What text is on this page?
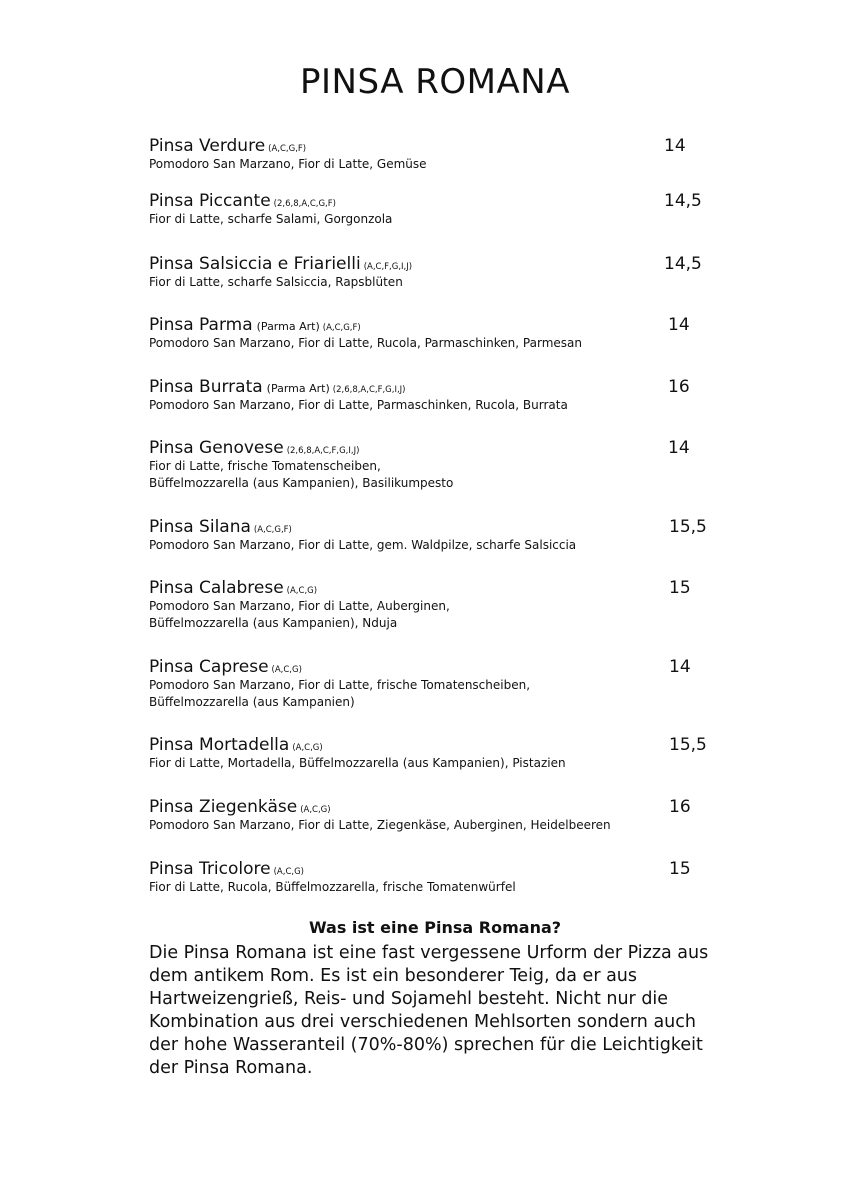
PINSA ROMANA
Pinsa Verdure (A,C,G,F)	14
Pomodoro San Marzano, Fior di Latte, Gemüse
Pinsa Piccante (2,6,8,A,C,G,F)	14,5
Fior di Latte, scharfe Salami, Gorgonzola
Pinsa Salsiccia e Friarielli (A,C,F,G,I,J)	14,5
Fior di Latte, scharfe Salsiccia, Rapsblüten
Pinsa Parma (Parma Art) (A,C,G,F)	14
Pomodoro San Marzano, Fior di Latte, Rucola, Parmaschinken, Parmesan
Pinsa Burrata (Parma Art) (2,6,8,A,C,F,G,I,J)	16
Pomodoro San Marzano, Fior di Latte, Parmaschinken, Rucola, Burrata
Pinsa Genovese (2,6,8,A,C,F,G,I,J)	14
Fior di Latte, frische Tomatenscheiben,
Büffelmozzarella (aus Kampanien), Basilikumpesto
Pinsa Silana (A,C,G,F)	15,5
Pomodoro San Marzano, Fior di Latte, gem. Waldpilze, scharfe Salsiccia
Pinsa Calabrese (A,C,G)	15
Pomodoro San Marzano, Fior di Latte, Auberginen,
Büffelmozzarella (aus Kampanien), Nduja
Pinsa Caprese (A,C,G)	14
Pomodoro San Marzano, Fior di Latte, frische Tomatenscheiben,
Büffelmozzarella (aus Kampanien)
Pinsa Mortadella (A,C,G)	15,5
Fior di Latte, Mortadella, Büffelmozzarella (aus Kampanien), Pistazien
Pinsa Ziegenkäse (A,C,G)	16
Pomodoro San Marzano, Fior di Latte, Ziegenkäse, Auberginen, Heidelbeeren
Pinsa Tricolore (A,C,G)	15
Fior di Latte, Rucola, Büffelmozzarella, frische Tomatenwürfel
Was ist eine Pinsa Romana?
Die Pinsa Romana ist eine fast vergessene Urform der Pizza aus
dem antikem Rom. Es ist ein besonderer Teig, da er aus
Hartweizengrieß, Reis- und Sojamehl besteht. Nicht nur die
Kombination aus drei verschiedenen Mehlsorten sondern auch
der hohe Wasseranteil (70%-80%) sprechen für die Leichtigkeit
der Pinsa Romana.
